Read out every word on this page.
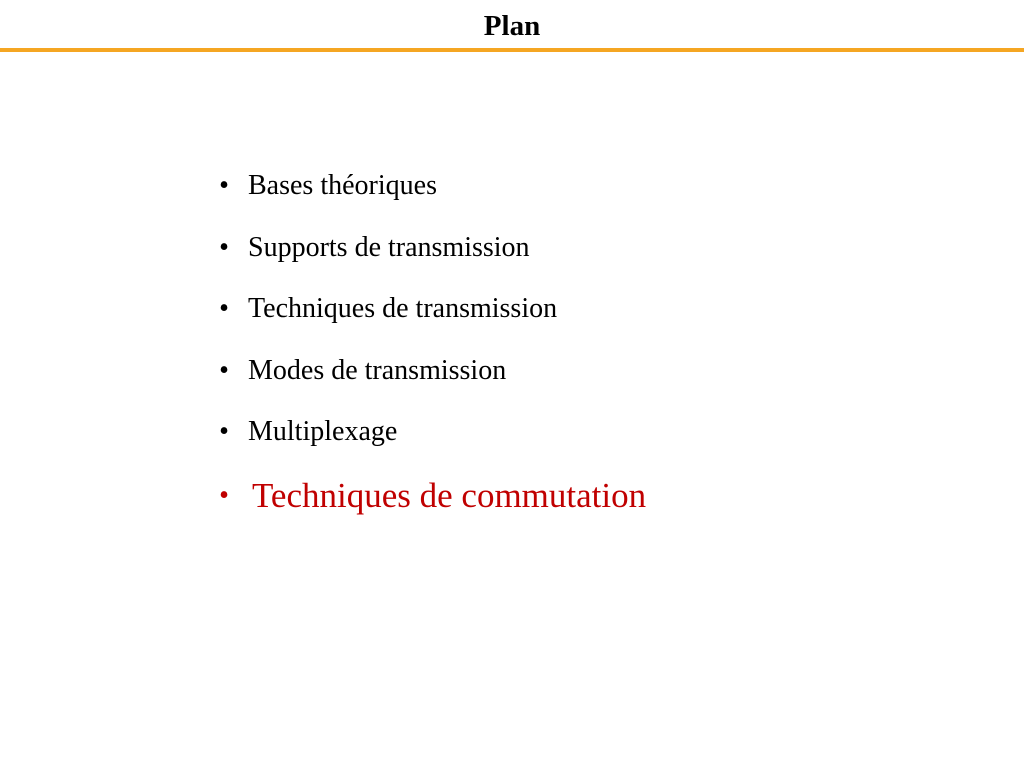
Plan
• Bases théoriques
• Supports de transmission
• Techniques de transmission
• Modes de transmission
• Multiplexage
• Techniques de commutation
